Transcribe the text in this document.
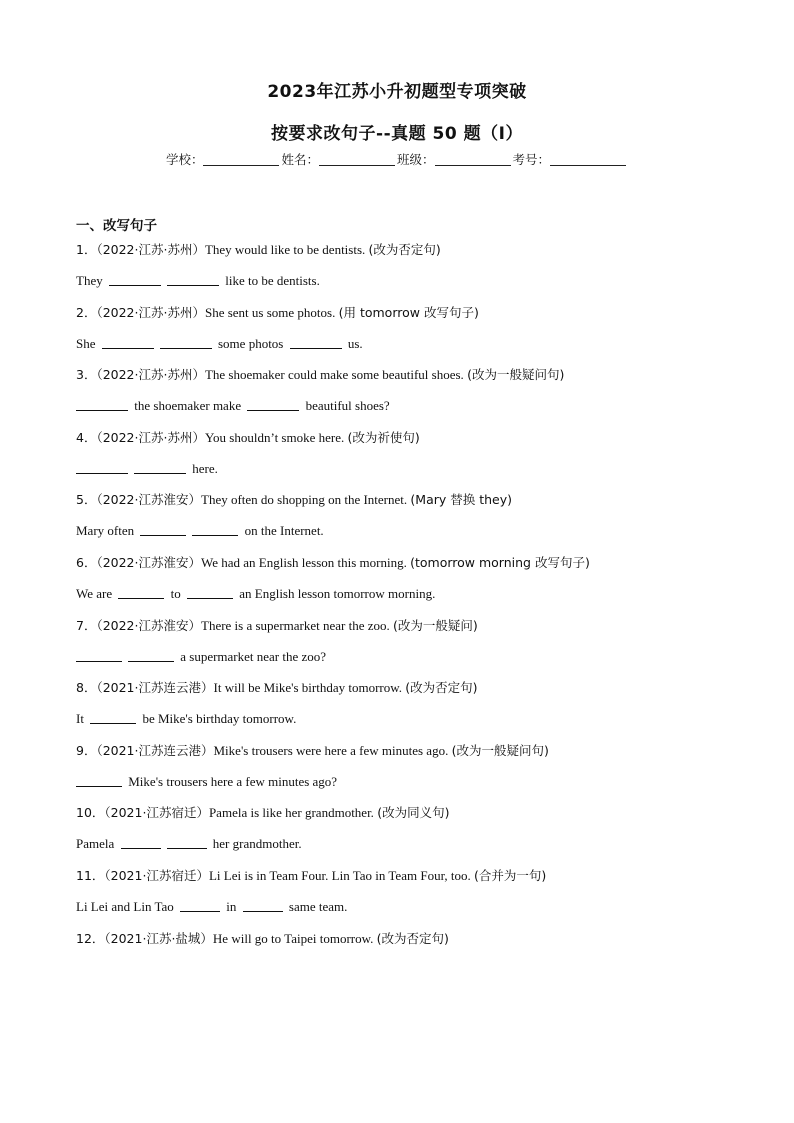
2023年江苏小升初题型专项突破
按要求改句子--真题 50 题（Ⅰ）
学校：	姓名：	班级：	考号：
一、改写句子
1．（2022·江苏·苏州）They would like to be dentists. (改为否定句)
They	like to be dentists.
2．（2022·江苏·苏州）She sent us some photos. (用 tomorrow 改写句子)
She	some photos	us.
3．（2022·江苏·苏州）The shoemaker could make some beautiful shoes. (改为一般疑问句)
the shoemaker make	beautiful shoes?
4．（2022·江苏·苏州）You shouldn’t smoke here. (改为祈使句)
here.
5．（2022·江苏淮安）They often do shopping on the Internet. (Mary 替换 they)
Mary often	on the Internet.
6．（2022·江苏淮安）We had an English lesson this morning. (tomorrow morning 改写句子)
We are	to	an English lesson tomorrow morning.
7．（2022·江苏淮安）There is a supermarket near the zoo. (改为一般疑问)
a supermarket near the zoo?
8．（2021·江苏连云港）It will be Mike's birthday tomorrow. (改为否定句)
It	be Mike's birthday tomorrow.
9．（2021·江苏连云港）Mike's trousers were here a few minutes ago. (改为一般疑问句)
Mike's trousers here a few minutes ago?
10．（2021·江苏宿迁）Pamela is like her grandmother. (改为同义句)
Pamela	her grandmother.
11．（2021·江苏宿迁）Li Lei is in Team Four. Lin Tao in Team Four, too. (合并为一句)
Li Lei and Lin Tao	in	same team.
12．（2021·江苏·盐城）He will go to Taipei tomorrow. (改为否定句)
